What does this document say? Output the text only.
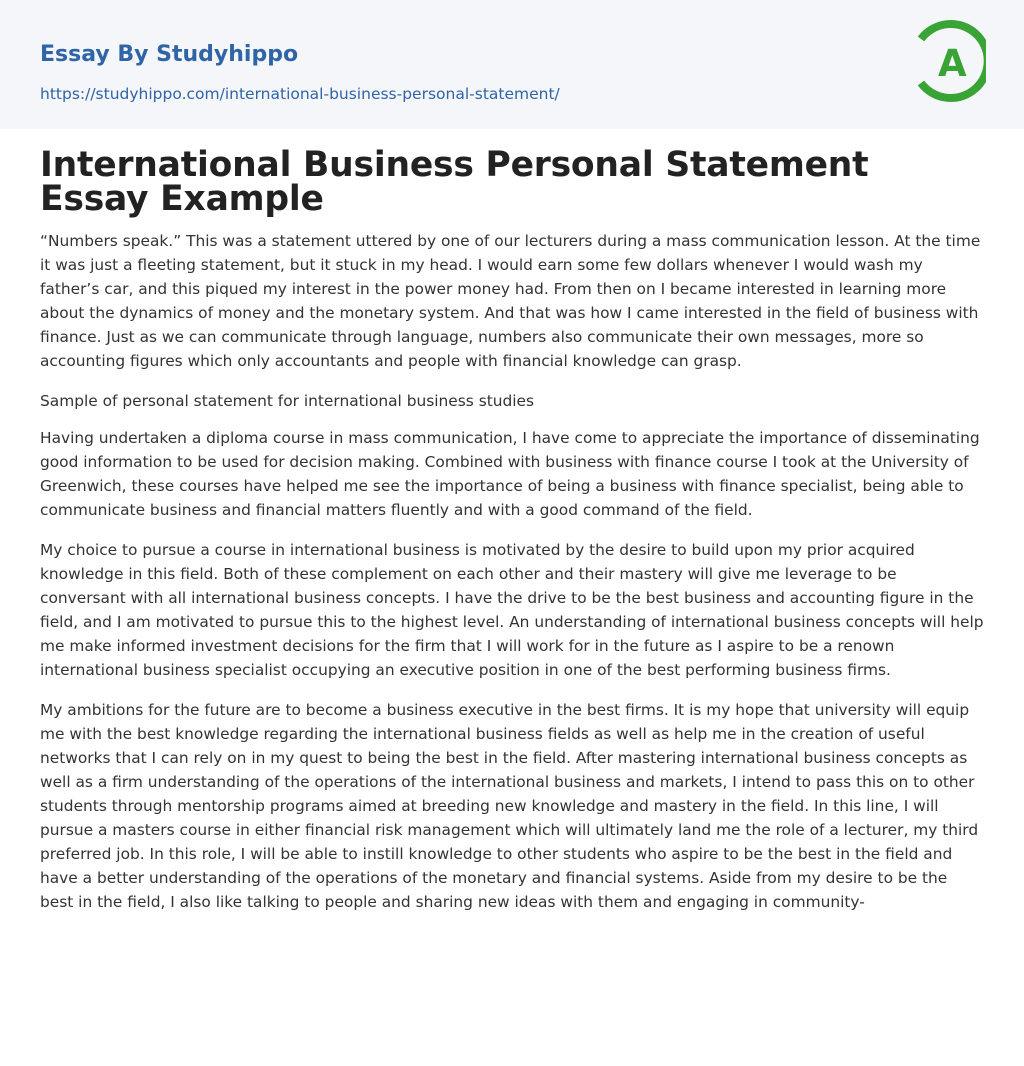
Essay By Studyhippo
https://studyhippo.com/international-business-personal-statement/
A
International Business Personal Statement Essay Example

“Numbers speak.” This was a statement uttered by one of our lecturers during a mass communication lesson. At the time it was just a fleeting statement, but it stuck in my head. I would earn some few dollars whenever I would wash my father’s car, and this piqued my interest in the power money had. From then on I became interested in learning more about the dynamics of money and the monetary system. And that was how I came interested in the field of business with finance. Just as we can communicate through language, numbers also communicate their own messages, more so accounting figures which only accountants and people with financial knowledge can grasp.

Sample of personal statement for international business studies

Having undertaken a diploma course in mass communication, I have come to appreciate the importance of disseminating good information to be used for decision making. Combined with business with finance course I took at the University of Greenwich, these courses have helped me see the importance of being a business with finance specialist, being able to communicate business and financial matters fluently and with a good command of the field.

My choice to pursue a course in international business is motivated by the desire to build upon my prior acquired knowledge in this field. Both of these complement on each other and their mastery will give me leverage to be conversant with all international business concepts. I have the drive to be the best business and accounting figure in the field, and I am motivated to pursue this to the highest level. An understanding of international business concepts will help me make informed investment decisions for the firm that I will work for in the future as I aspire to be a renown international business specialist occupying an executive position in one of the best performing business firms.

My ambitions for the future are to become a business executive in the best firms. It is my hope that university will equip me with the best knowledge regarding the international business fields as well as help me in the creation of useful networks that I can rely on in my quest to being the best in the field. After mastering international business concepts as well as a firm understanding of the operations of the international business and markets, I intend to pass this on to other students through mentorship programs aimed at breeding new knowledge and mastery in the field. In this line, I will pursue a masters course in either financial risk management which will ultimately land me the role of a lecturer, my third preferred job. In this role, I will be able to instill knowledge to other students who aspire to be the best in the field and have a better understanding of the operations of the monetary and financial systems. Aside from my desire to be the best in the field, I also like talking to people and sharing new ideas with them and engaging in community-
